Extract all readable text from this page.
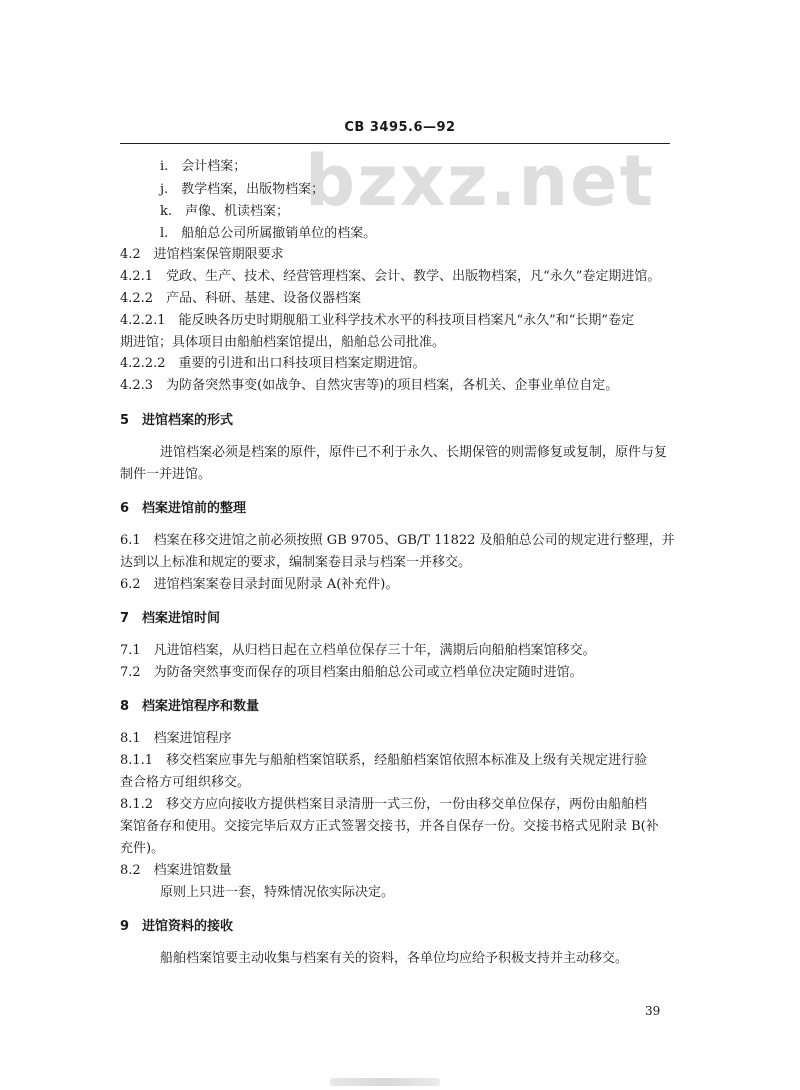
bzxz.net
CB 3495.6—92
i.　会计档案；
j.　教学档案，出版物档案；
k.　声像、机读档案；
l.　船舶总公司所属撤销单位的档案。
4.2　进馆档案保管期限要求
4.2.1　党政、生产、技术、经营管理档案、会计、教学、出版物档案，凡“永久”卷定期进馆。
4.2.2　产品、科研、基建、设备仪器档案
4.2.2.1　能反映各历史时期舰船工业科学技术水平的科技项目档案凡“永久”和“长期”卷定
期进馆；具体项目由船舶档案馆提出，船舶总公司批准。
4.2.2.2　重要的引进和出口科技项目档案定期进馆。
4.2.3　为防备突然事变(如战争、自然灾害等)的项目档案，各机关、企事业单位自定。
5　进馆档案的形式
进馆档案必须是档案的原件，原件已不利于永久、长期保管的则需修复或复制，原件与复
制件一并进馆。
6　档案进馆前的整理
6.1　档案在移交进馆之前必须按照 GB 9705、GB/T 11822 及船舶总公司的规定进行整理，并
达到以上标准和规定的要求，编制案卷目录与档案一并移交。
6.2　进馆档案案卷目录封面见附录 A(补充件)。
7　档案进馆时间
7.1　凡进馆档案，从归档日起在立档单位保存三十年，满期后向船舶档案馆移交。
7.2　为防备突然事变而保存的项目档案由船舶总公司或立档单位决定随时进馆。
8　档案进馆程序和数量
8.1　档案进馆程序
8.1.1　移交档案应事先与船舶档案馆联系，经船舶档案馆依照本标准及上级有关规定进行验
查合格方可组织移交。
8.1.2　移交方应向接收方提供档案目录清册一式三份，一份由移交单位保存，两份由船舶档
案馆备存和使用。交接完毕后双方正式签署交接书，并各自保存一份。交接书格式见附录 B(补
充件)。
8.2　档案进馆数量
原则上只进一套，特殊情况依实际决定。
9　进馆资料的接收
船舶档案馆要主动收集与档案有关的资料，各单位均应给予积极支持并主动移交。
39
